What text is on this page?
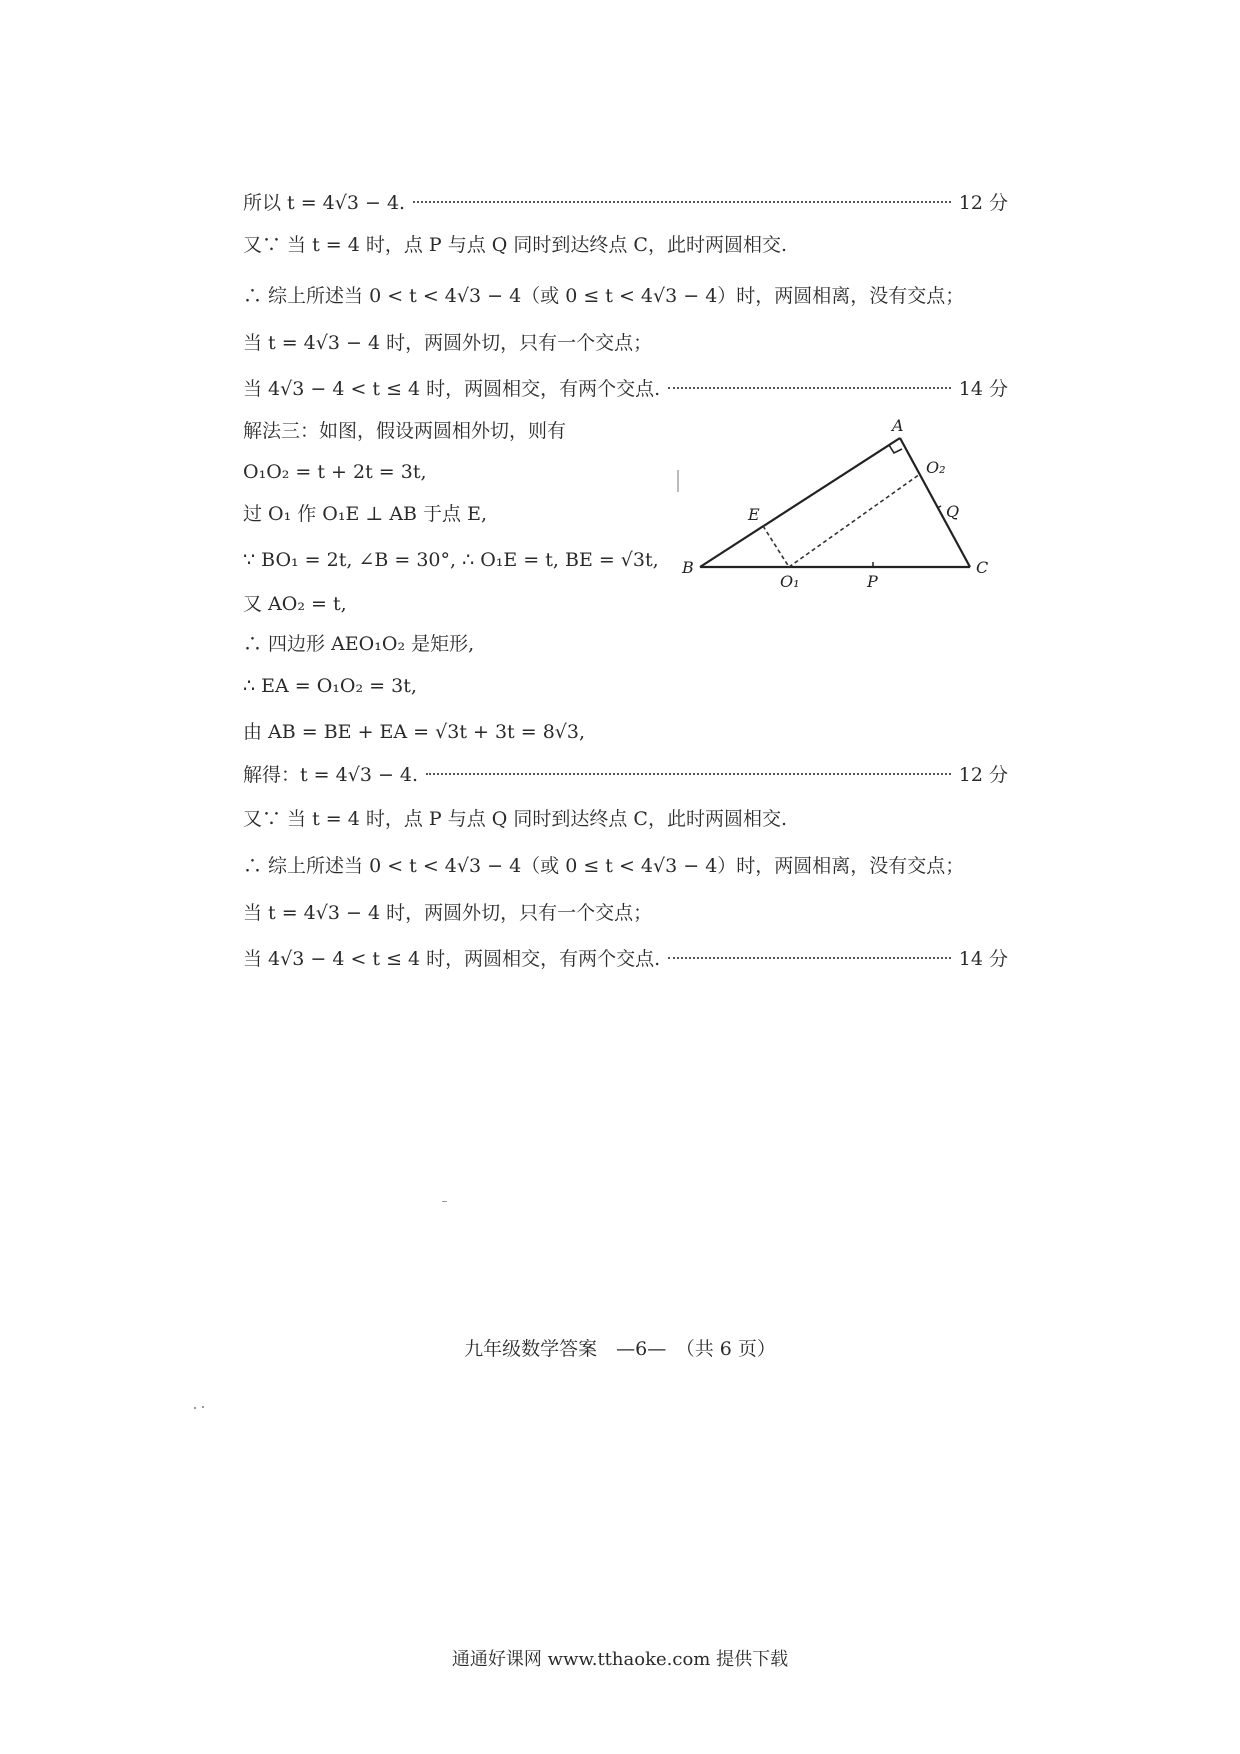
所以 t = 4√3 − 4.	12 分
又∵ 当 t = 4 时，点 P 与点 Q 同时到达终点 C，此时两圆相交.
∴ 综上所述当 0 < t < 4√3 − 4（或 0 ≤ t < 4√3 − 4）时，两圆相离，没有交点；
当 t = 4√3 − 4 时，两圆外切，只有一个交点；
当 4√3 − 4 < t ≤ 4 时，两圆相交，有两个交点.	14 分
解法三：如图，假设两圆相外切，则有
O₁O₂ = t + 2t = 3t,
过 O₁ 作 O₁E ⊥ AB 于点 E,
∵ BO₁ = 2t, ∠B = 30°, ∴ O₁E = t, BE = √3t,
又 AO₂ = t,
∴ 四边形 AEO₁O₂ 是矩形,
∴ EA = O₁O₂ = 3t,
由 AB = BE + EA = √3t + 3t = 8√3,
解得：t = 4√3 − 4.	12 分
又∵ 当 t = 4 时，点 P 与点 Q 同时到达终点 C，此时两圆相交.
∴ 综上所述当 0 < t < 4√3 − 4（或 0 ≤ t < 4√3 − 4）时，两圆相离，没有交点；
当 t = 4√3 − 4 时，两圆外切，只有一个交点；
当 4√3 − 4 < t ≤ 4 时，两圆相交，有两个交点.	14 分
A
B	C
E
O₁
O₂
P
Q
九年级数学答案　—6—　（共 6 页）
通通好课网 www.tthaoke.com 提供下载
